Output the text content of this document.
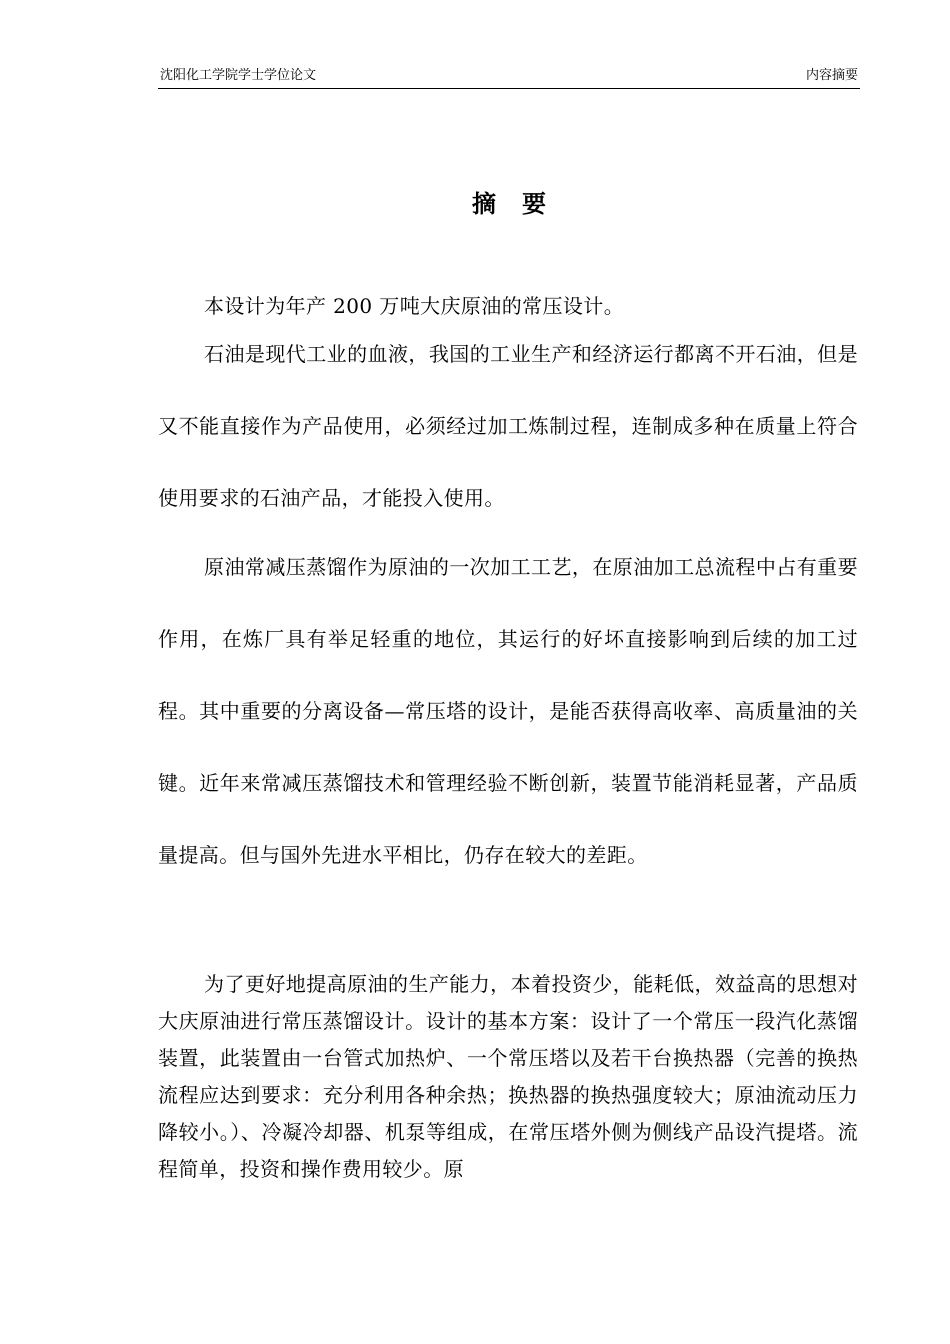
沈阳化工学院学士学位论文	内容摘要
摘要

本设计为年产 200 万吨大庆原油的常压设计。

石油是现代工业的血液，我国的工业生产和经济运行都离不开石油，但是又不能直接作为产品使用，必须经过加工炼制过程，连制成多种在质量上符合使用要求的石油产品，才能投入使用。

原油常减压蒸馏作为原油的一次加工工艺，在原油加工总流程中占有重要作用，在炼厂具有举足轻重的地位，其运行的好坏直接影响到后续的加工过程。其中重要的分离设备—常压塔的设计，是能否获得高收率、高质量油的关键。近年来常减压蒸馏技术和管理经验不断创新，装置节能消耗显著，产品质量提高。但与国外先进水平相比，仍存在较大的差距。

为了更好地提高原油的生产能力，本着投资少，能耗低，效益高的思想对大庆原油进行常压蒸馏设计。设计的基本方案：设计了一个常压一段汽化蒸馏装置，此装置由一台管式加热炉、一个常压塔以及若干台换热器（完善的换热流程应达到要求：充分利用各种余热；换热器的换热强度较大；原油流动压力降较小。）、冷凝冷却器、机泵等组成，在常压塔外侧为侧线产品设汽提塔。流程简单，投资和操作费用较少。原
